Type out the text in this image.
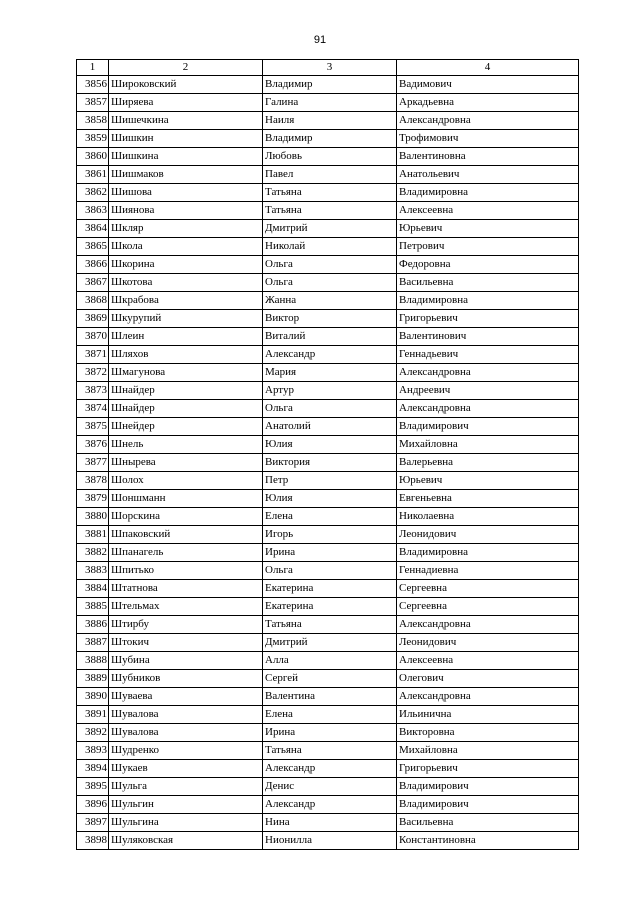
91
1	2	3	4
3856	Широковский	Владимир	Вадимович
3857	Ширяева	Галина	Аркадьевна
3858	Шишечкина	Наиля	Александровна
3859	Шишкин	Владимир	Трофимович
3860	Шишкина	Любовь	Валентиновна
3861	Шишмаков	Павел	Анатольевич
3862	Шишова	Татьяна	Владимировна
3863	Шиянова	Татьяна	Алексеевна
3864	Шкляр	Дмитрий	Юрьевич
3865	Школа	Николай	Петрович
3866	Шкорина	Ольга	Федоровна
3867	Шкотова	Ольга	Васильевна
3868	Шкрабова	Жанна	Владимировна
3869	Шкурупий	Виктор	Григорьевич
3870	Шлеин	Виталий	Валентинович
3871	Шляхов	Александр	Геннадьевич
3872	Шмагунова	Мария	Александровна
3873	Шнайдер	Артур	Андреевич
3874	Шнайдер	Ольга	Александровна
3875	Шнейдер	Анатолий	Владимирович
3876	Шнель	Юлия	Михайловна
3877	Шнырева	Виктория	Валерьевна
3878	Шолох	Петр	Юрьевич
3879	Шоншманн	Юлия	Евгеньевна
3880	Шорскина	Елена	Николаевна
3881	Шпаковский	Игорь	Леонидович
3882	Шпанагель	Ирина	Владимировна
3883	Шпитько	Ольга	Геннадиевна
3884	Штатнова	Екатерина	Сергеевна
3885	Штельмах	Екатерина	Сергеевна
3886	Штирбу	Татьяна	Александровна
3887	Штокич	Дмитрий	Леонидович
3888	Шубина	Алла	Алексеевна
3889	Шубников	Сергей	Олегович
3890	Шуваева	Валентина	Александровна
3891	Шувалова	Елена	Ильинична
3892	Шувалова	Ирина	Викторовна
3893	Шудренко	Татьяна	Михайловна
3894	Шукаев	Александр	Григорьевич
3895	Шульга	Денис	Владимирович
3896	Шульгин	Александр	Владимирович
3897	Шульгина	Нина	Васильевна
3898	Шуляковская	Нионилла	Константиновна
